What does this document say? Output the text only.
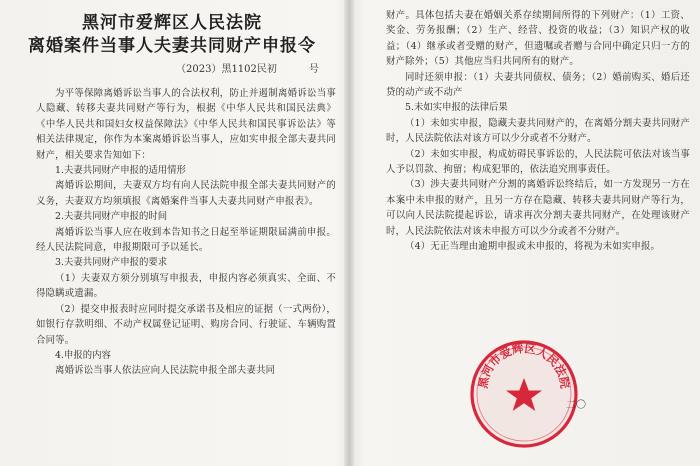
黑河市爱辉区人民法院
离婚案件当事人夫妻共同财产申报令
（2023）黑1102民初	号

为平等保障离婚诉讼当事人的合法权利，防止并遏制离婚诉讼当事人隐藏、转移夫妻共同财产等行为，根据《中华人民共和国民法典》《中华人民共和国妇女权益保障法》《中华人民共和国民事诉讼法》等相关法律规定，你作为本案离婚诉讼当事人，应如实申报全部夫妻共同财产，相关要求告知如下：

1.夫妻共同财产申报的适用情形

离婚诉讼期间，夫妻双方均有向人民法院申报全部夫妻共同财产的义务，夫妻双方均须填报《离婚案件当事人夫妻共同财产申报表》。

2.夫妻共同财产申报的时间

离婚诉讼当事人应在收到本告知书之日起至举证期限届满前申报。经人民法院同意，申报期限可予以延长。

3.夫妻共同财产申报的要求

（1）夫妻双方须分别填写申报表，申报内容必须真实、全面、不得隐瞒或遗漏。

（2）提交申报表时应同时提交承诺书及相应的证据（一式两份），如银行存款明细、不动产权属登记证明、购房合同、行驶证、车辆购置合同等。

4.申报的内容

离婚诉讼当事人依法应向人民法院申报全部夫妻共同

财产。具体包括夫妻在婚姻关系存续期间所得的下列财产：（1）工资、奖金、劳务报酬；（2）生产、经营、投资的收益；（3）知识产权的收益；（4）继承或者受赠的财产，但遗嘱或者赠与合同中确定只归一方的财产除外；（5）其他应当归共同所有的财产。

同时还须申报：（1）夫妻共同债权、债务；（2）婚前购买、婚后还贷的动产或不动产

5.未如实申报的法律后果

（1）未如实申报，隐藏夫妻共同财产的，在离婚分割夫妻共同财产时，人民法院依法对该方可以少分或者不分财产。

（2）未如实申报，构成妨碍民事诉讼的，人民法院可依法对该当事人予以罚款、拘留；构成犯罪的，依法追究刑事责任。

（3）涉夫妻共同财产分割的离婚诉讼终结后，如一方发现另一方在本案中未申报的财产，且另一方存在隐藏、转移夫妻共同财产等行为，可以向人民法院提起诉讼，请求再次分割夫妻共同财产，在处理该财产时，人民法院依法对该未申报方可以少分或者不分财产。

（4）无正当理由逾期申报或未申报的，将视为未如实申报。

黑河市爱辉区人民法院
二〇
